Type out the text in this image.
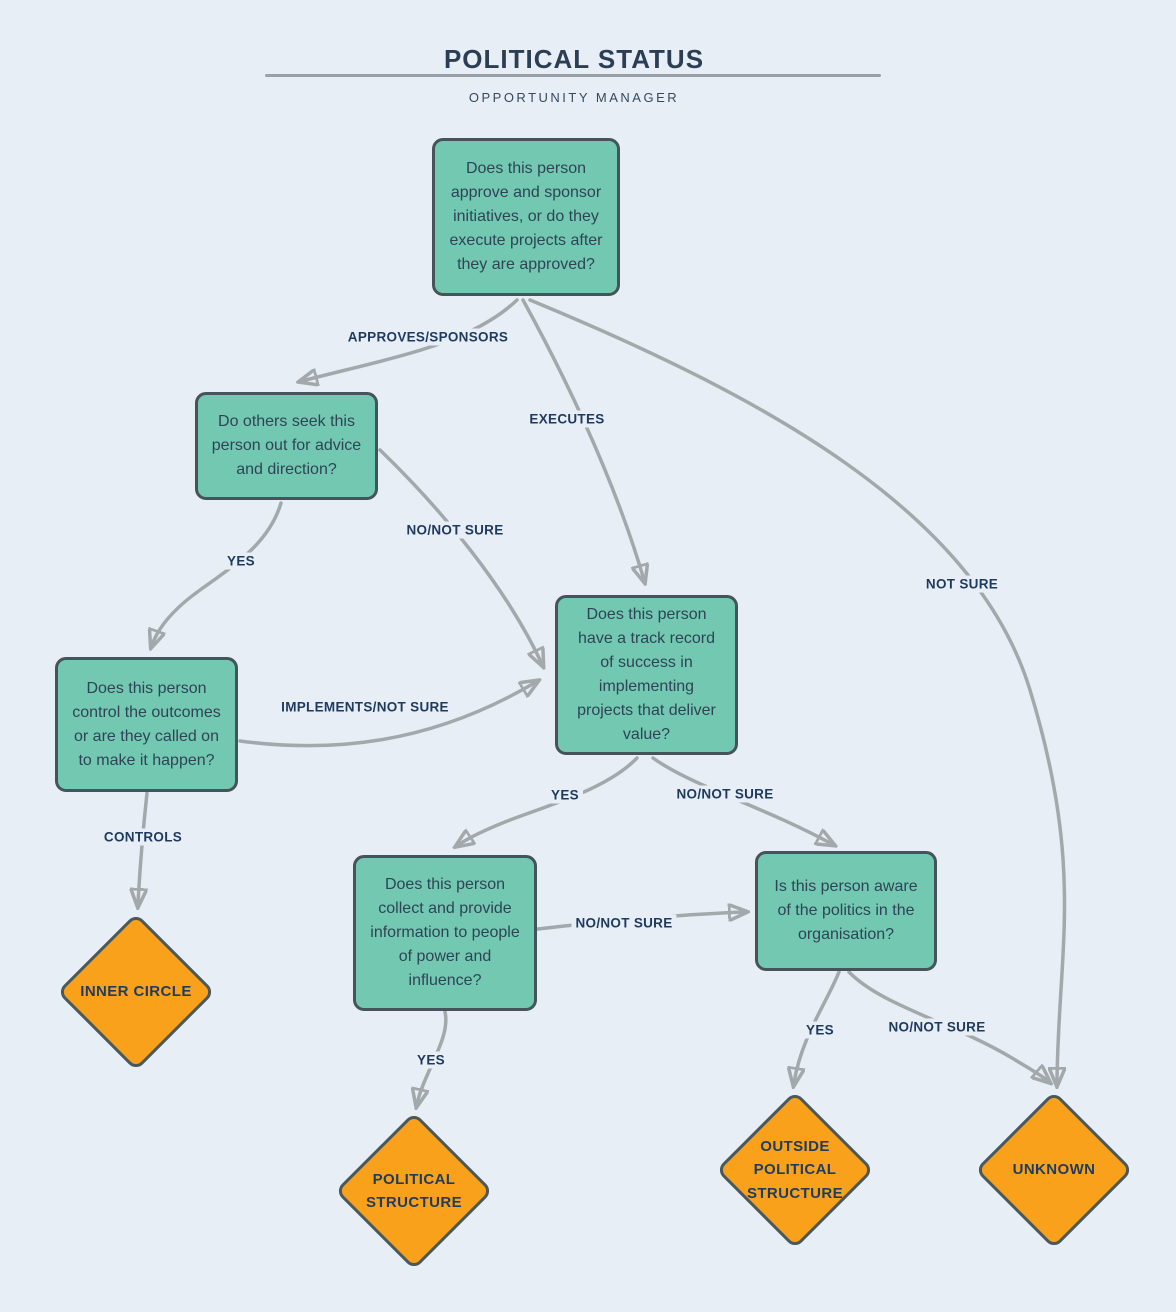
POLITICAL STATUS
OPPORTUNITY MANAGER
Does this person approve and sponsor initiatives, or do they execute projects after they are approved?
Do others seek this person out for advice and direction?
Does this person control the outcomes or are they called on to make it happen?
Does this person have a track record of success in implementing projects that deliver value?
Does this person collect and provide information to people of power and influence?
Is this person aware of the politics in the organisation?
INNER CIRCLE
POLITICAL STRUCTURE
OUTSIDE POLITICAL STRUCTURE
UNKNOWN
APPROVES/SPONSORS
EXECUTES
NOT SURE
YES
NO/NOT SURE
IMPLEMENTS/NOT SURE
CONTROLS
YES	NO/NOT SURE
NO/NOT SURE
YES
YES	NO/NOT SURE
